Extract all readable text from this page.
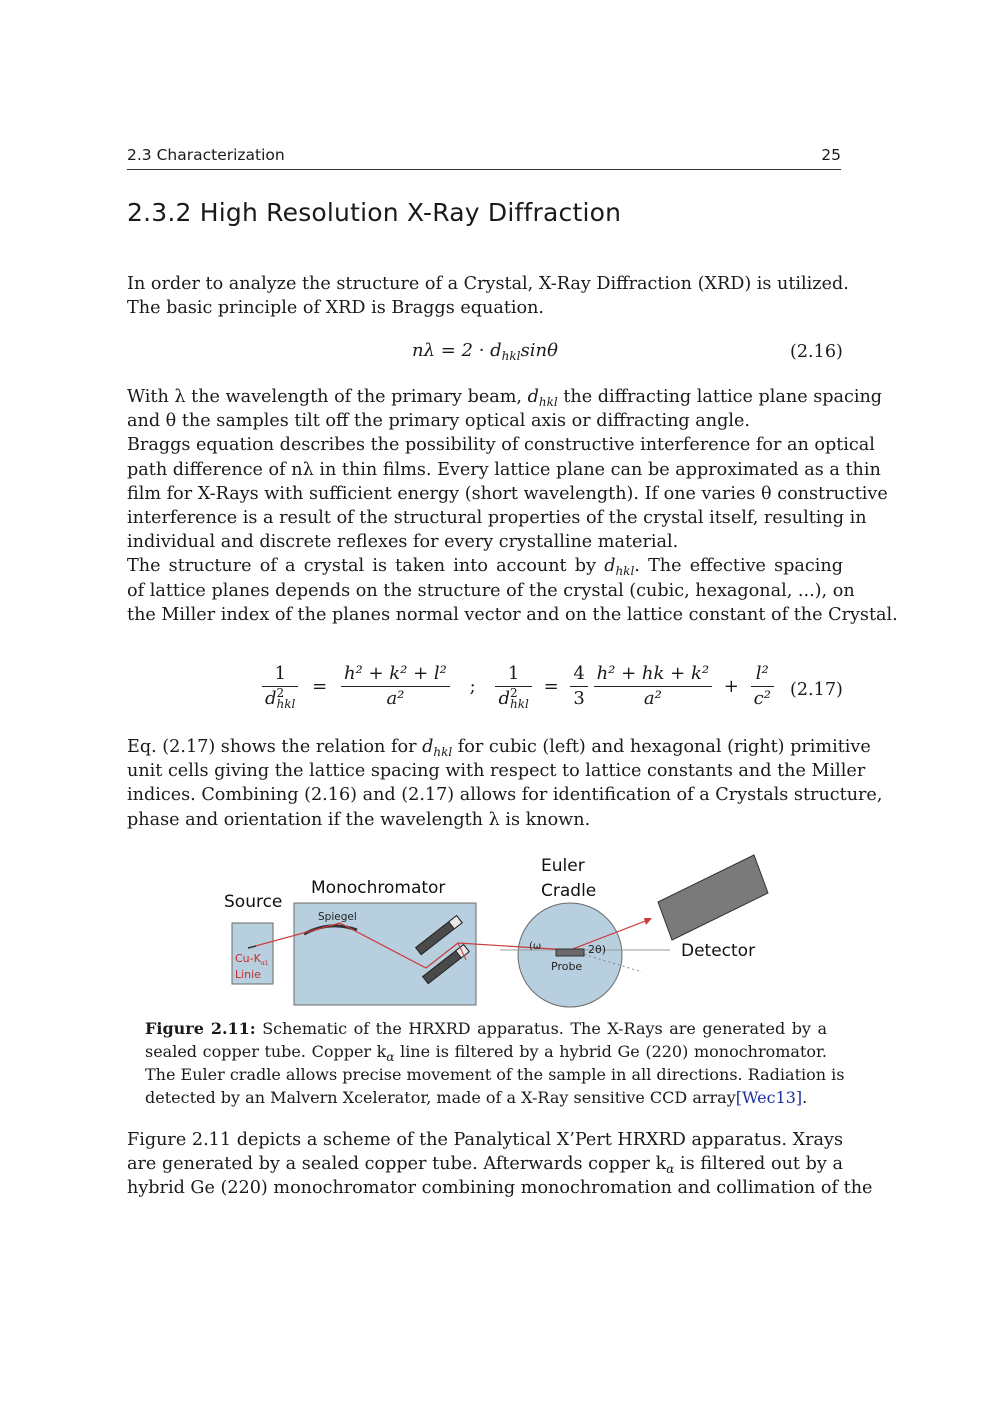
2.3 Characterization	25
2.3.2 High Resolution X-Ray Diffraction

In order to analyze the structure of a Crystal, X-Ray Diffraction (XRD) is utilized.
The basic principle of XRD is Braggs equation.

$n\lambda = 2 \cdot d_{hkl}\sin\theta$	(2.16)

With λ the wavelength of the primary beam, $d_{hkl}$ the diffracting lattice plane spacing
and θ the samples tilt off the primary optical axis or diffracting angle.
Braggs equation describes the possibility of constructive interference for an optical
path difference of nλ in thin films. Every lattice plane can be approximated as a thin
film for X-Rays with sufficient energy (short wavelength). If one varies θ constructive
interference is a result of the structural properties of the crystal itself, resulting in
individual and discrete reflexes for every crystalline material.
The structure of a crystal is taken into account by $d_{hkl}$. The effective spacing
of lattice planes depends on the structure of the crystal (cubic, hexagonal, ...), on
the Miller index of the planes normal vector and on the lattice constant of the Crystal.

1
d 2
hkl = $\frac{\text{h² + k² + l²}}{\text{a²}}$ ; 1
d 2
hkl = $\frac{4}{3}$
$\frac{\text{h² + hk + k²}}{\text{a²}} + \frac{\text{l²}}{\text{c²}} (2.17)$

Eq. (2.17) shows the relation for $d_{hkl}$ for cubic (left) and hexagonal (right) primitive
unit cells giving the lattice spacing with respect to lattice constants and the Miller
indices. Combining (2.16) and (2.17) allows for identification of a Crystals structure,
phase and orientation if the wavelength λ is known.

Source
Monochromator
Euler
Cradle
Detector
Spiegel
$Cu-K_{\alpha 1}$
Linie
(ω	2θ)
Probe

Figure 2.11: Schematic of the HRXRD apparatus. The X-Rays are generated by a
sealed copper tube. Copper $k_\alpha$ line is filtered by a hybrid Ge (220) monochromator.
The Euler cradle allows precise movement of the sample in all directions. Radiation is
detected by an Malvern Xcelerator, made of a X-Ray sensitive CCD array[Wec13].

Figure 2.11 depicts a scheme of the Panalytical X’Pert HRXRD apparatus. Xrays
are generated by a sealed copper tube. Afterwards copper $k_\alpha$ is filtered out by a
hybrid Ge (220) monochromator combining monochromation and collimation of the
